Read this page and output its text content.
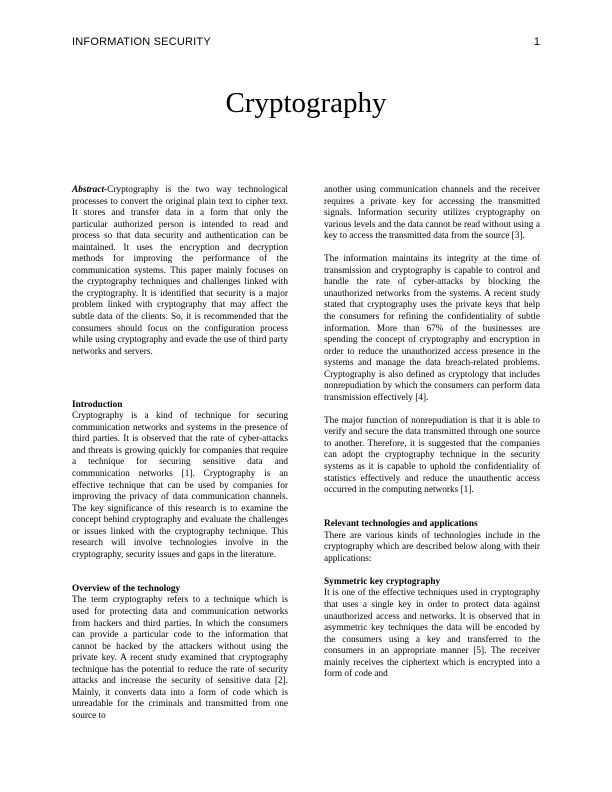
INFORMATION SECURITY	1
Cryptography

Abstract-Cryptography is the two way technological processes to convert the original plain text to cipher text. It stores and transfer data in a form that only the particular authorized person is intended to read and process so that data security and authentication can be maintained. It uses the encryption and decryption methods for improving the performance of the communication systems. This paper mainly focuses on the cryptography techniques and challenges linked with the cryptography. It is identified that security is a major problem linked with cryptography that may affect the subtle data of the clients. So, it is recommended that the consumers should focus on the configuration process while using cryptography and evade the use of third party networks and servers.

Introduction

Cryptography is a kind of technique for securing communication networks and systems in the presence of third parties. It is observed that the rate of cyber-attacks and threats is growing quickly for companies that require a technique for securing sensitive data and communication networks [1]. Cryptography is an effective technique that can be used by companies for improving the privacy of data communication channels. The key significance of this research is to examine the concept behind cryptography and evaluate the challenges or issues linked with the cryptography technique. This research will involve technologies involve in the cryptography, security issues and gaps in the literature.

Overview of the technology

The term cryptography refers to a technique which is used for protecting data and communication networks from hackers and third parties. In which the consumers can provide a particular code to the information that cannot be hacked by the attackers without using the private key. A recent study examined that cryptography technique has the potential to reduce the rate of security attacks and increase the security of sensitive data [2]. Mainly, it converts data into a form of code which is unreadable for the criminals and transmitted from one source to

another using communication channels and the receiver requires a private key for accessing the transmitted signals. Information security utilizes cryptography on various levels and the data cannot be read without using a key to access the transmitted data from the source [3].

The information maintains its integrity at the time of transmission and cryptography is capable to control and handle the rate of cyber-attacks by blocking the unauthorized networks from the systems. A recent study stated that cryptography uses the private keys that help the consumers for refining the confidentiality of subtle information. More than 67% of the businesses are spending the concept of cryptography and encryption in order to reduce the unauthorized access presence in the systems and manage the data breach-related problems. Cryptography is also defined as cryptology that includes nonrepudiation by which the consumers can perform data transmission effectively [4].

The major function of nonrepudiation is that it is able to verify and secure the data transmitted through one source to another. Therefore, it is suggested that the companies can adopt the cryptography technique in the security systems as it is capable to uphold the confidentiality of statistics effectively and reduce the unauthentic access occurred in the computing networks [1].

Relevant technologies and applications

There are various kinds of technologies include in the cryptography which are described below along with their applications:

Symmetric key cryptography

It is one of the effective techniques used in cryptography that uses a single key in order to protect data against unauthorized access and networks. It is observed that in asymmetric key techniques the data will be encoded by the consumers using a key and transferred to the consumers in an appropriate manner [5]. The receiver mainly receives the ciphertext which is encrypted into a form of code and
